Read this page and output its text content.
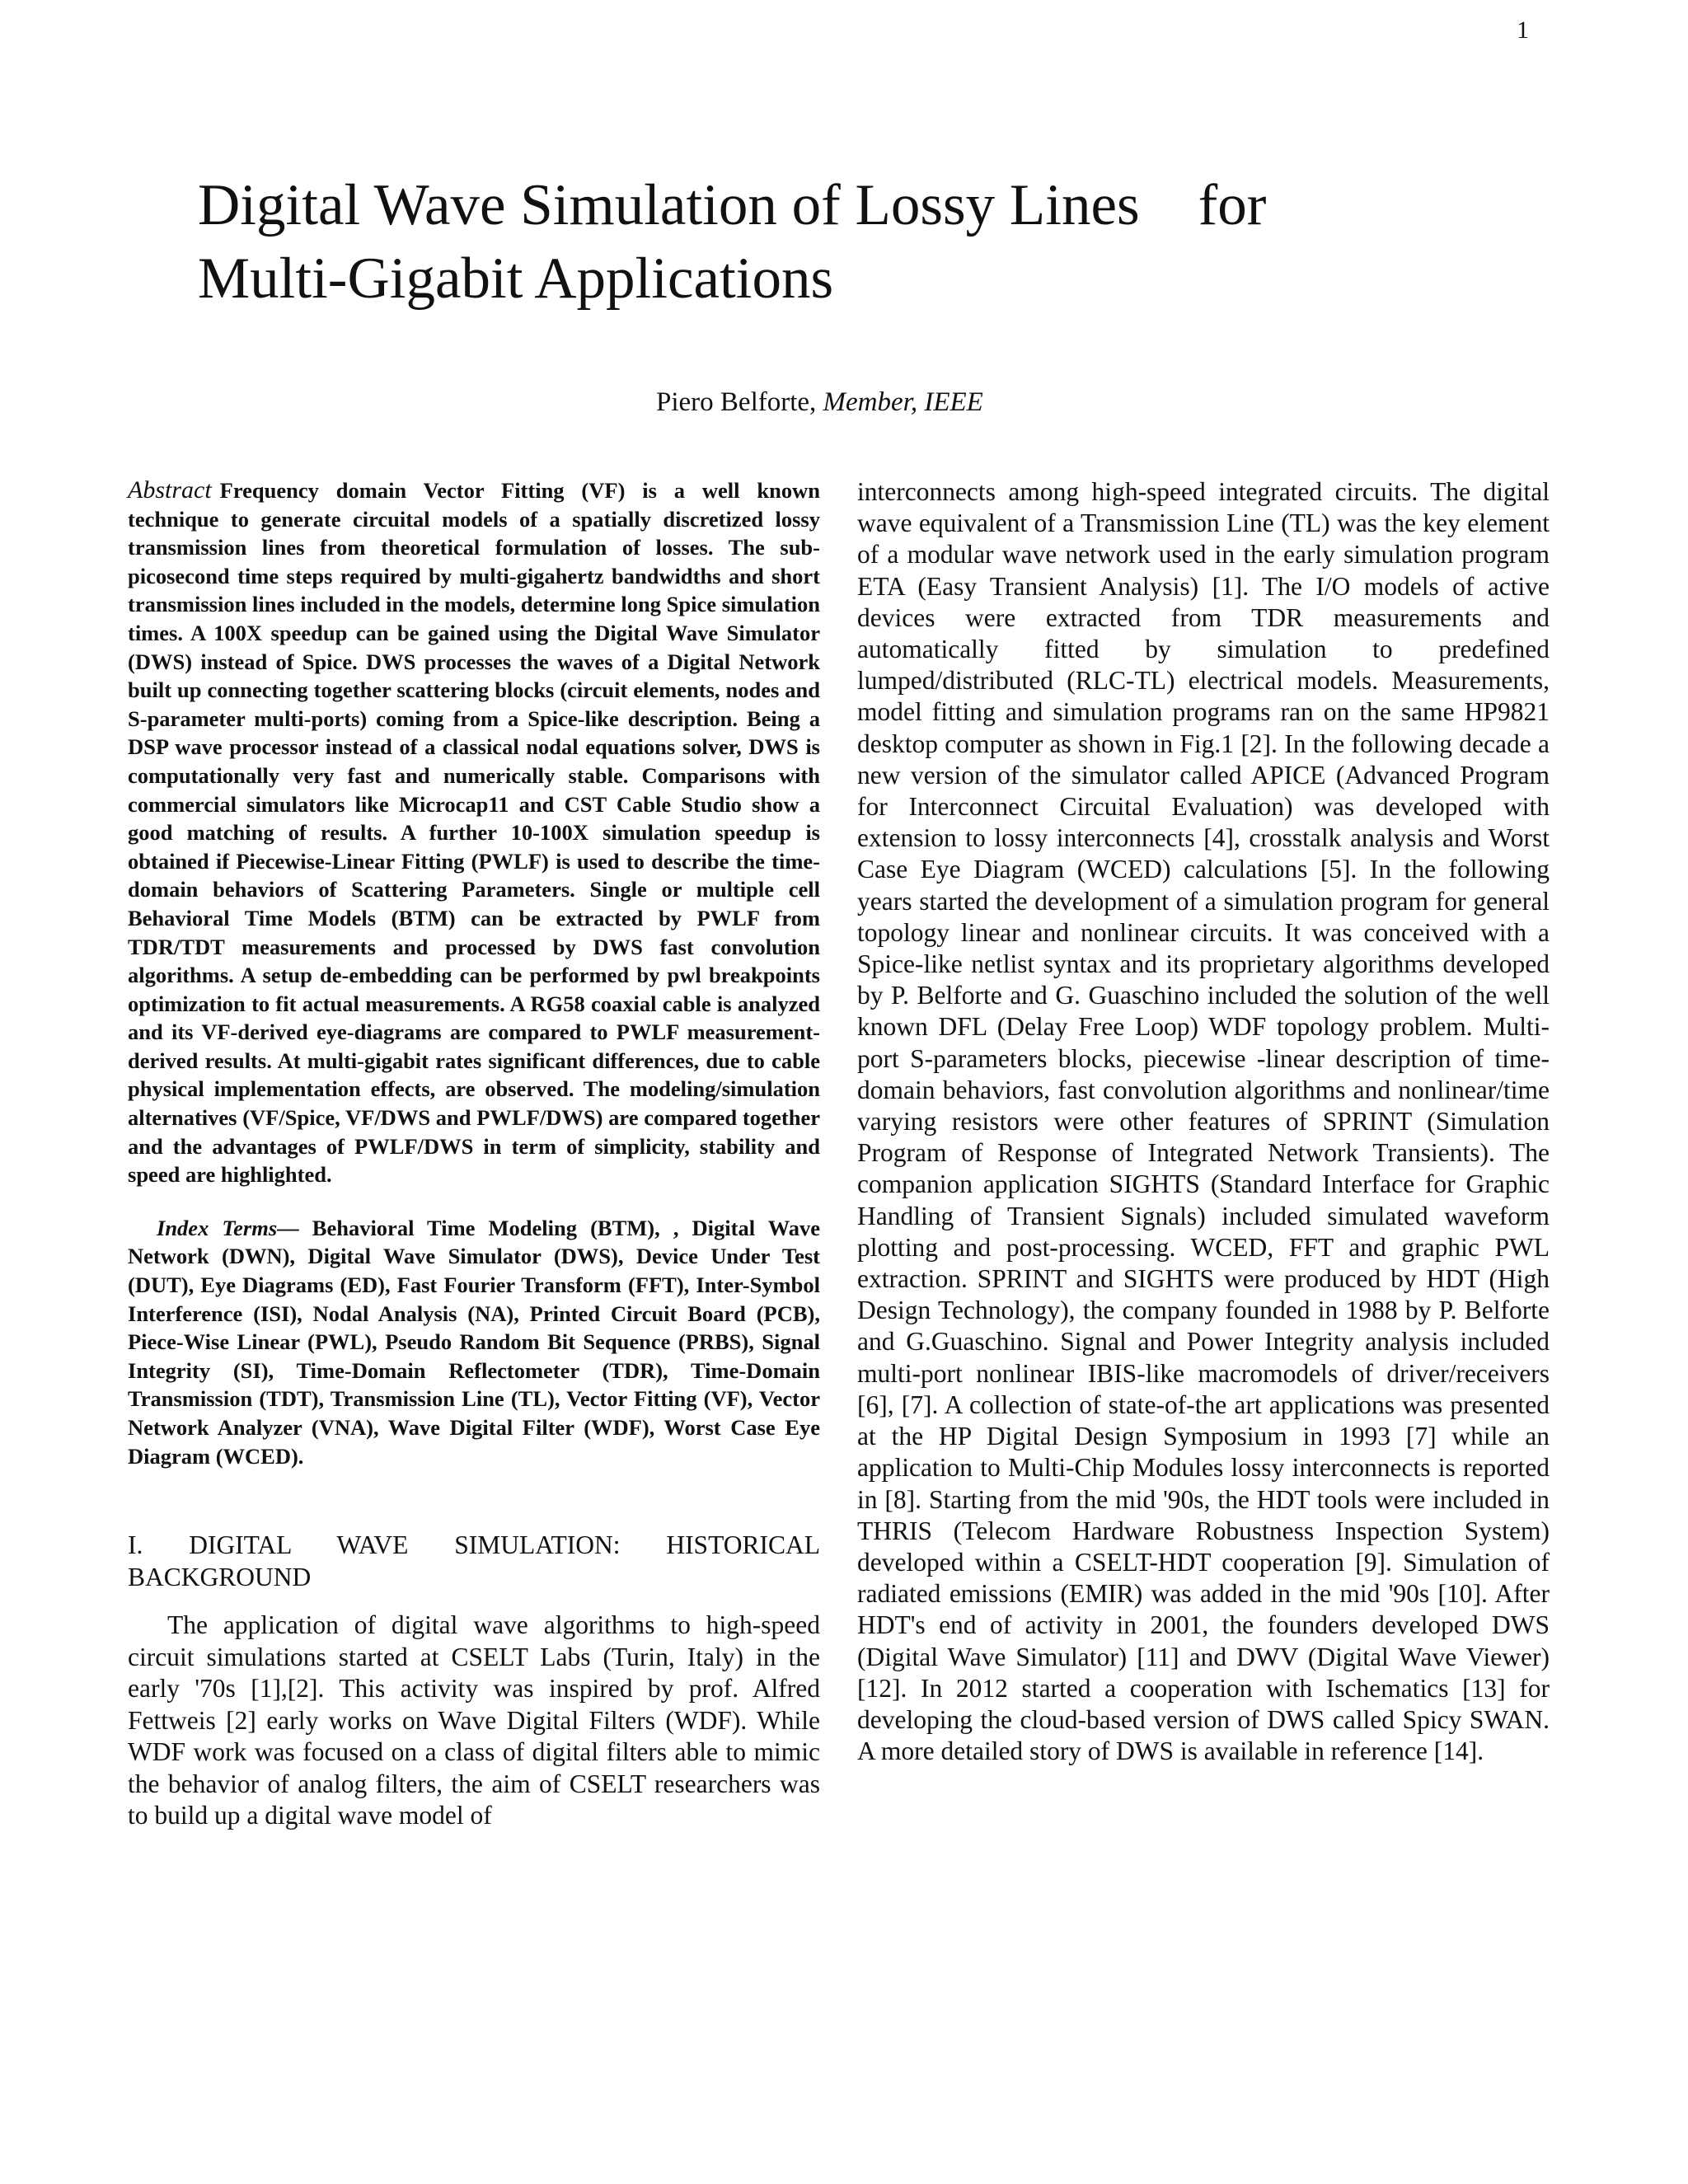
1
Digital Wave Simulation of Lossy Lines    for
Multi-Gigabit Applications
Piero Belforte, Member, IEEE

Abstract Frequency domain Vector Fitting (VF) is a well known technique to generate circuital models of a spatially discretized lossy transmission lines from theoretical formulation of losses. The sub-picosecond time steps required by multi-gigahertz bandwidths and short transmission lines included in the models, determine long Spice simulation times. A 100X speedup can be gained using the Digital Wave Simulator (DWS) instead of Spice. DWS processes the waves of a Digital Network built up connecting together scattering blocks (circuit elements, nodes and S-parameter multi-ports) coming from a Spice-like description. Being a DSP wave processor instead of a classical nodal equations solver, DWS is computationally very fast and numerically stable. Comparisons with commercial simulators like Microcap11 and CST Cable Studio show a good matching of results. A further 10-100X simulation speedup is obtained if Piecewise-Linear Fitting (PWLF) is used to describe the time-domain behaviors of Scattering Parameters. Single or multiple cell Behavioral Time Models (BTM) can be extracted by PWLF from TDR/TDT measurements and processed by DWS fast convolution algorithms. A setup de-embedding can be performed by pwl breakpoints optimization to fit actual measurements. A RG58 coaxial cable is analyzed and its VF-derived eye-diagrams are compared to PWLF measurement-derived results. At multi-gigabit rates significant differences, due to cable physical implementation effects, are observed. The modeling/simulation alternatives (VF/Spice, VF/DWS and PWLF/DWS) are compared together and the advantages of PWLF/DWS in term of simplicity, stability and speed are highlighted.

Index Terms— Behavioral Time Modeling (BTM), , Digital Wave Network (DWN), Digital Wave Simulator (DWS), Device Under Test (DUT), Eye Diagrams (ED), Fast Fourier Transform (FFT), Inter-Symbol Interference (ISI), Nodal Analysis (NA), Printed Circuit Board (PCB), Piece-Wise Linear (PWL), Pseudo Random Bit Sequence (PRBS), Signal Integrity (SI), Time-Domain Reflectometer (TDR), Time-Domain Transmission (TDT), Transmission Line (TL), Vector Fitting (VF), Vector Network Analyzer (VNA), Wave Digital Filter (WDF), Worst Case Eye Diagram (WCED).

I. DIGITAL WAVE SIMULATION: HISTORICAL BACKGROUND

The application of digital wave algorithms to high-speed circuit simulations started at CSELT Labs (Turin, Italy) in the early '70s [1],[2]. This activity was inspired by prof. Alfred Fettweis [2] early works on Wave Digital Filters (WDF). While WDF work was focused on a class of digital filters able to mimic the behavior of analog filters, the aim of CSELT researchers was to build up a digital wave model of

interconnects among high-speed integrated circuits. The digital wave equivalent of a Transmission Line (TL) was the key element of a modular wave network used in the early simulation program ETA (Easy Transient Analysis) [1]. The I/O models of active devices were extracted from TDR measurements and automatically fitted by simulation to predefined lumped/distributed (RLC-TL) electrical models. Measurements, model fitting and simulation programs ran on the same HP9821 desktop computer as shown in Fig.1 [2]. In the following decade a new version of the simulator called APICE (Advanced Program for Interconnect Circuital Evaluation) was developed with extension to lossy interconnects [4], crosstalk analysis and Worst Case Eye Diagram (WCED) calculations [5]. In the following years started the development of a simulation program for general topology linear and nonlinear circuits. It was conceived with a Spice-like netlist syntax and its proprietary algorithms developed by P. Belforte and G. Guaschino included the solution of the well known DFL (Delay Free Loop) WDF topology problem. Multi-port S-parameters blocks, piecewise -linear description of time-domain behaviors, fast convolution algorithms and nonlinear/time varying resistors were other features of SPRINT (Simulation Program of Response of Integrated Network Transients). The companion application SIGHTS (Standard Interface for Graphic Handling of Transient Signals) included simulated waveform plotting and post-processing. WCED, FFT and graphic PWL extraction. SPRINT and SIGHTS were produced by HDT (High Design Technology), the company founded in 1988 by P. Belforte and G.Guaschino. Signal and Power Integrity analysis included multi-port nonlinear IBIS-like macromodels of driver/receivers [6], [7]. A collection of state-of-the art applications was presented at the HP Digital Design Symposium in 1993 [7] while an application to Multi-Chip Modules lossy interconnects is reported in [8]. Starting from the mid '90s, the HDT tools were included in THRIS (Telecom Hardware Robustness Inspection System) developed within a CSELT-HDT cooperation [9]. Simulation of radiated emissions (EMIR) was added in the mid '90s [10]. After HDT's end of activity in 2001, the founders developed DWS (Digital Wave Simulator) [11] and DWV (Digital Wave Viewer) [12]. In 2012 started a cooperation with Ischematics [13] for developing the cloud-based version of DWS called Spicy SWAN. A more detailed story of DWS is available in reference [14].
